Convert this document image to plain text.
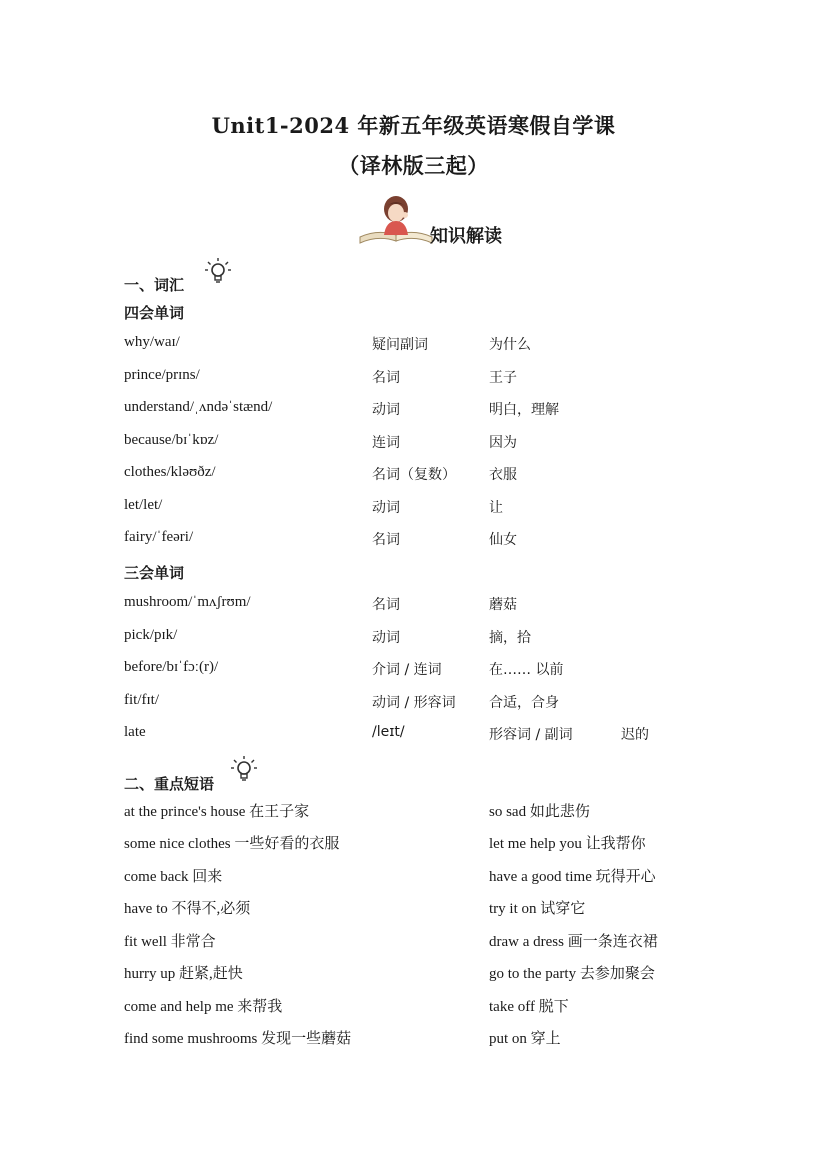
Unit1-2024 年新五年级英语寒假自学课
（译林版三起）
知识解读
一、词汇
四会单词
why/waɪ/	疑问副词	为什么
prince/prɪns/	名词	王子
understand/ˌʌndəˈstænd/	动词	明白，理解
because/bɪˈkɒz/	连词	因为
clothes/kləʊðz/	名词（复数） 衣服
let/let/	动词	让
fairy/ˈfeəri/	名词	仙女
三会单词
mushroom/ˈmʌʃrʊm/	名词	蘑菇
pick/pɪk/	动词	摘，拾
before/bɪˈfɔː(r)/	介词 / 连词	在…… 以前
fit/fɪt/	动词 / 形容词 合适，合身
late	/leɪt/	形容词 / 副词	迟的
二、重点短语
at the prince's house 在王子家	so sad 如此悲伤
some nice clothes 一些好看的衣服	let me help you 让我帮你
come back 回来	have a good time 玩得开心
have to 不得不,必须	try it on 试穿它
fit well 非常合	draw a dress 画一条连衣裙
hurry up 赶紧,赶快	go to the party 去参加聚会
come and help me 来帮我	take off 脱下
find some mushrooms 发现一些蘑菇	put on 穿上
